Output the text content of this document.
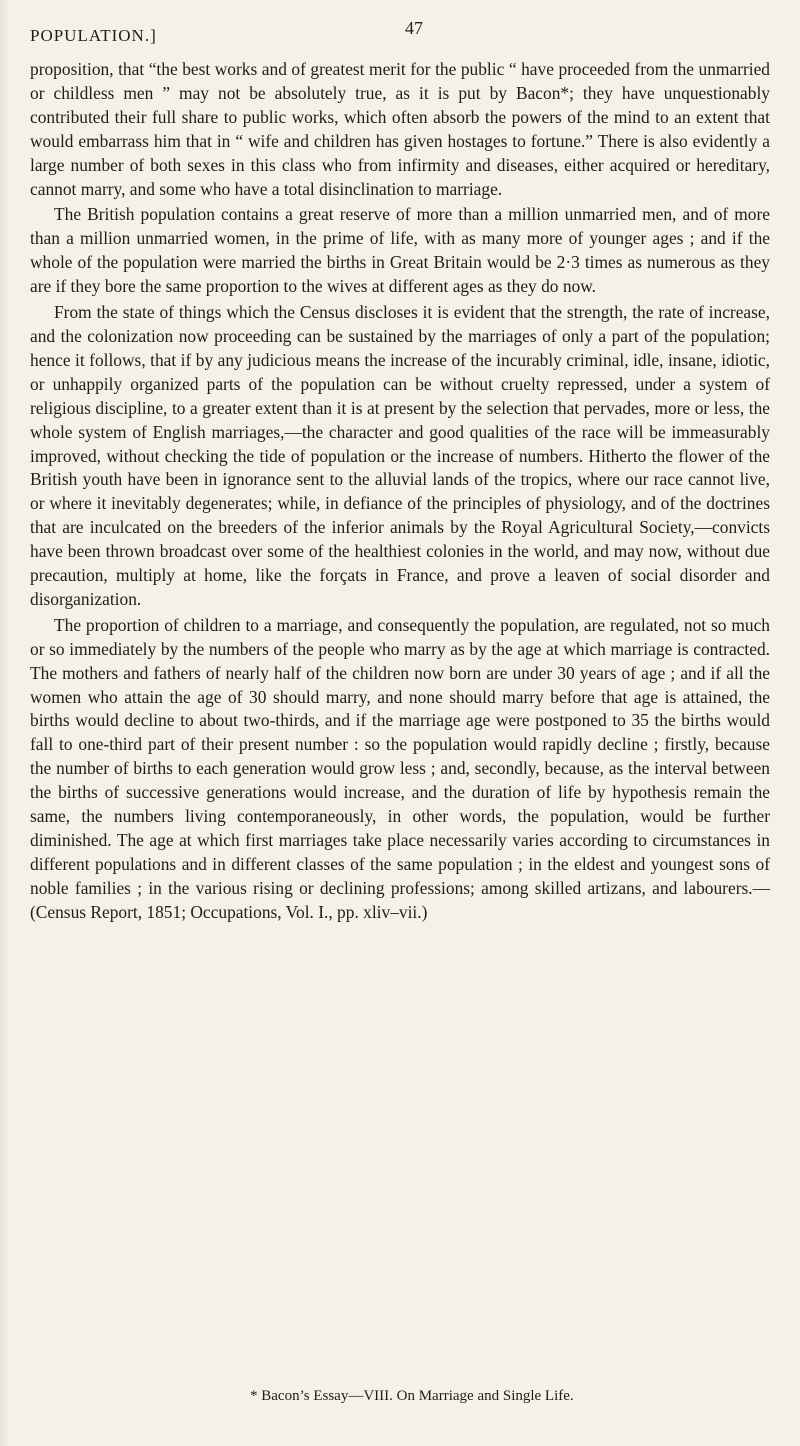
POPULATION.]	47

proposition, that “the best works and of greatest merit for the public “ have proceeded from the unmarried or childless men ” may not be absolutely true, as it is put by Bacon*; they have unquestionably contributed their full share to public works, which often absorb the powers of the mind to an extent that would embarrass him that in “ wife and children has given hostages to fortune.” There is also evidently a large number of both sexes in this class who from infirmity and diseases, either acquired or hereditary, cannot marry, and some who have a total disinclination to marriage.

The British population contains a great reserve of more than a million unmarried men, and of more than a million unmarried women, in the prime of life, with as many more of younger ages ; and if the whole of the population were married the births in Great Britain would be 2·3 times as numerous as they are if they bore the same proportion to the wives at different ages as they do now.

From the state of things which the Census discloses it is evident that the strength, the rate of increase, and the colonization now proceeding can be sustained by the marriages of only a part of the population; hence it follows, that if by any judicious means the increase of the incurably criminal, idle, insane, idiotic, or unhappily organized parts of the population can be without cruelty repressed, under a system of religious discipline, to a greater extent than it is at present by the selection that pervades, more or less, the whole system of English marriages,—the character and good qualities of the race will be immeasurably improved, without checking the tide of population or the increase of numbers. Hitherto the flower of the British youth have been in ignorance sent to the alluvial lands of the tropics, where our race cannot live, or where it inevitably degenerates; while, in defiance of the principles of physiology, and of the doctrines that are inculcated on the breeders of the inferior animals by the Royal Agricultural Society,—convicts have been thrown broadcast over some of the healthiest colonies in the world, and may now, without due precaution, multiply at home, like the forçats in France, and prove a leaven of social disorder and disorganization.

The proportion of children to a marriage, and consequently the population, are regulated, not so much or so immediately by the numbers of the people who marry as by the age at which marriage is contracted. The mothers and fathers of nearly half of the children now born are under 30 years of age ; and if all the women who attain the age of 30 should marry, and none should marry before that age is attained, the births would decline to about two-thirds, and if the marriage age were postponed to 35 the births would fall to one-third part of their present number : so the population would rapidly decline ; firstly, because the number of births to each generation would grow less ; and, secondly, because, as the interval between the births of successive generations would increase, and the duration of life by hypothesis remain the same, the numbers living contemporaneously, in other words, the population, would be further diminished. The age at which first marriages take place necessarily varies according to circumstances in different populations and in different classes of the same population ; in the eldest and youngest sons of noble families ; in the various rising or declining professions; among skilled artizans, and labourers.—(Census Report, 1851; Occupations, Vol. I., pp. xliv–vii.)

* Bacon’s Essay—VIII. On Marriage and Single Life.
